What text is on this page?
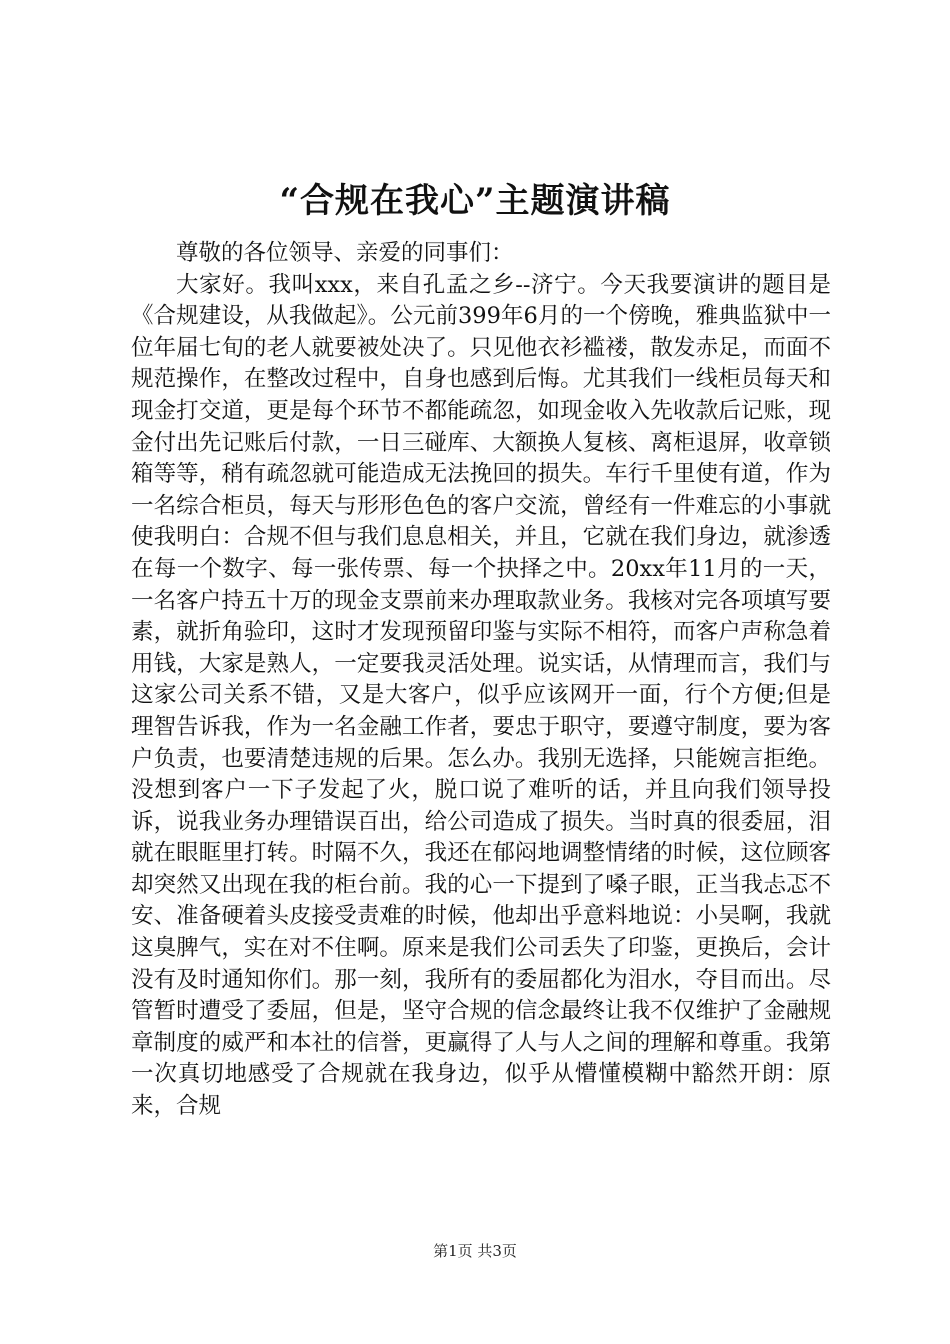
“合规在我心”主题演讲稿

尊敬的各位领导、亲爱的同事们：

大家好。我叫xxx，来自孔孟之乡--济宁。今天我要演讲的题目是《合规建设，从我做起》。公元前399年6月的一个傍晚，雅典监狱中一位年届七旬的老人就要被处决了。只见他衣衫褴褛，散发赤足，而面不规范操作，在整改过程中，自身也感到后悔。尤其我们一线柜员每天和现金打交道，更是每个环节不都能疏忽，如现金收入先收款后记账，现金付出先记账后付款，一日三碰库、大额换人复核、离柜退屏，收章锁箱等等，稍有疏忽就可能造成无法挽回的损失。车行千里使有道，作为一名综合柜员，每天与形形色色的客户交流，曾经有一件难忘的小事就使我明白：合规不但与我们息息相关，并且，它就在我们身边，就渗透在每一个数字、每一张传票、每一个抉择之中。20xx年11月的一天，一名客户持五十万的现金支票前来办理取款业务。我核对完各项填写要素，就折角验印，这时才发现预留印鉴与实际不相符，而客户声称急着用钱，大家是熟人，一定要我灵活处理。说实话，从情理而言，我们与这家公司关系不错，又是大客户，似乎应该网开一面，行个方便;但是理智告诉我，作为一名金融工作者，要忠于职守，要遵守制度，要为客户负责，也要清楚违规的后果。怎么办。我别无选择，只能婉言拒绝。没想到客户一下子发起了火，脱口说了难听的话，并且向我们领导投诉，说我业务办理错误百出，给公司造成了损失。当时真的很委屈，泪就在眼眶里打转。时隔不久，我还在郁闷地调整情绪的时候，这位顾客却突然又出现在我的柜台前。我的心一下提到了嗓子眼，正当我忐忑不安、准备硬着头皮接受责难的时候，他却出乎意料地说：小吴啊，我就这臭脾气，实在对不住啊。原来是我们公司丢失了印鉴，更换后，会计没有及时通知你们。那一刻，我所有的委屈都化为泪水，夺目而出。尽管暂时遭受了委屈，但是，坚守合规的信念最终让我不仅维护了金融规章制度的威严和本社的信誉，更赢得了人与人之间的理解和尊重。我第一次真切地感受了合规就在我身边，似乎从懵懂模糊中豁然开朗：原来，合规

第1页 共3页
